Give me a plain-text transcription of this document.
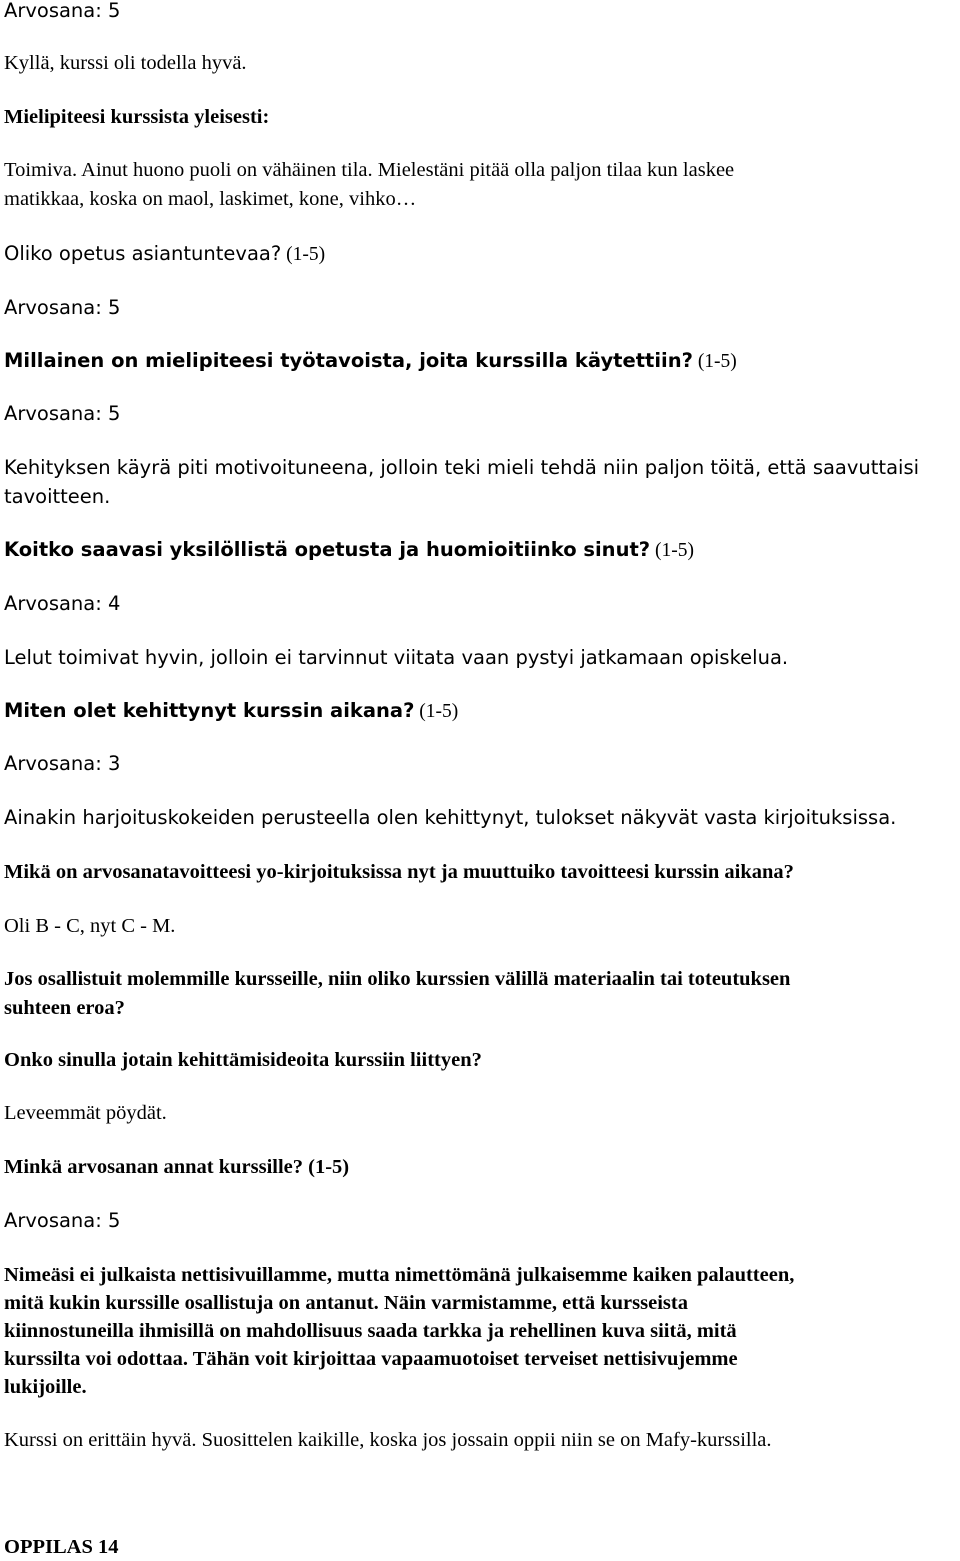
Arvosana: 5

Kyllä, kurssi oli todella hyvä.

Mielipiteesi kurssista yleisesti:

Toimiva. Ainut huono puoli on vähäinen tila. Mielestäni pitää olla paljon tilaa kun laskee

matikkaa, koska on maol, laskimet, kone, vihko…

Oliko opetus asiantuntevaa? (1-5)

Arvosana: 5

Millainen on mielipiteesi työtavoista, joita kurssilla käytettiin? (1-5)

Arvosana: 5

Kehityksen käyrä piti motivoituneena, jolloin teki mieli tehdä niin paljon töitä, että saavuttaisi

tavoitteen.

Koitko saavasi yksilöllistä opetusta ja huomioitiinko sinut? (1-5)

Arvosana: 4

Lelut toimivat hyvin, jolloin ei tarvinnut viitata vaan pystyi jatkamaan opiskelua.

Miten olet kehittynyt kurssin aikana? (1-5)

Arvosana: 3

Ainakin harjoituskokeiden perusteella olen kehittynyt, tulokset näkyvät vasta kirjoituksissa.

Mikä on arvosanatavoitteesi yo-kirjoituksissa nyt ja muuttuiko tavoitteesi kurssin aikana?

Oli B - C, nyt C - M.

Jos osallistuit molemmille kursseille, niin oliko kurssien välillä materiaalin tai toteutuksen

suhteen eroa?

Onko sinulla jotain kehittämisideoita kurssiin liittyen?

Leveemmät pöydät.

Minkä arvosanan annat kurssille? (1-5)

Arvosana: 5

Nimeäsi ei julkaista nettisivuillamme, mutta nimettömänä julkaisemme kaiken palautteen,

mitä kukin kurssille osallistuja on antanut. Näin varmistamme, että kursseista

kiinnostuneilla ihmisillä on mahdollisuus saada tarkka ja rehellinen kuva siitä, mitä

kurssilta voi odottaa. Tähän voit kirjoittaa vapaamuotoiset terveiset nettisivujemme

lukijoille.

Kurssi on erittäin hyvä. Suosittelen kaikille, koska jos jossain oppii niin se on Mafy-kurssilla.

OPPILAS 14
